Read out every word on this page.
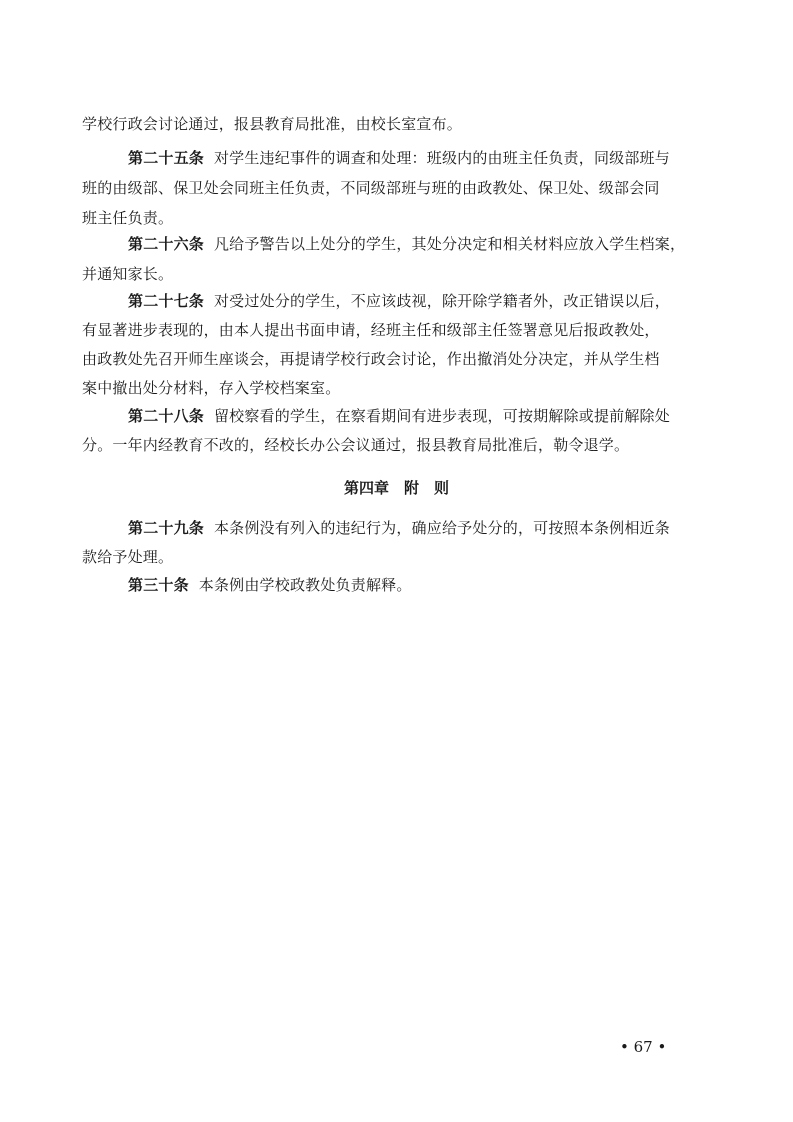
学校行政会讨论通过，报县教育局批准，由校长室宣布。
第二十五条 对学生违纪事件的调查和处理：班级内的由班主任负责，同级部班与
班的由级部、保卫处会同班主任负责，不同级部班与班的由政教处、保卫处、级部会同
班主任负责。
第二十六条 凡给予警告以上处分的学生，其处分决定和相关材料应放入学生档案，
并通知家长。
第二十七条 对受过处分的学生，不应该歧视，除开除学籍者外，改正错误以后，
有显著进步表现的，由本人提出书面申请，经班主任和级部主任签署意见后报政教处，
由政教处先召开师生座谈会，再提请学校行政会讨论，作出撤消处分决定，并从学生档
案中撤出处分材料，存入学校档案室。
第二十八条 留校察看的学生，在察看期间有进步表现，可按期解除或提前解除处
分。一年内经教育不改的，经校长办公会议通过，报县教育局批准后，勒令退学。
第四章　附　则
第二十九条 本条例没有列入的违纪行为，确应给予处分的，可按照本条例相近条
款给予处理。
第三十条 本条例由学校政教处负责解释。
• 67 •
